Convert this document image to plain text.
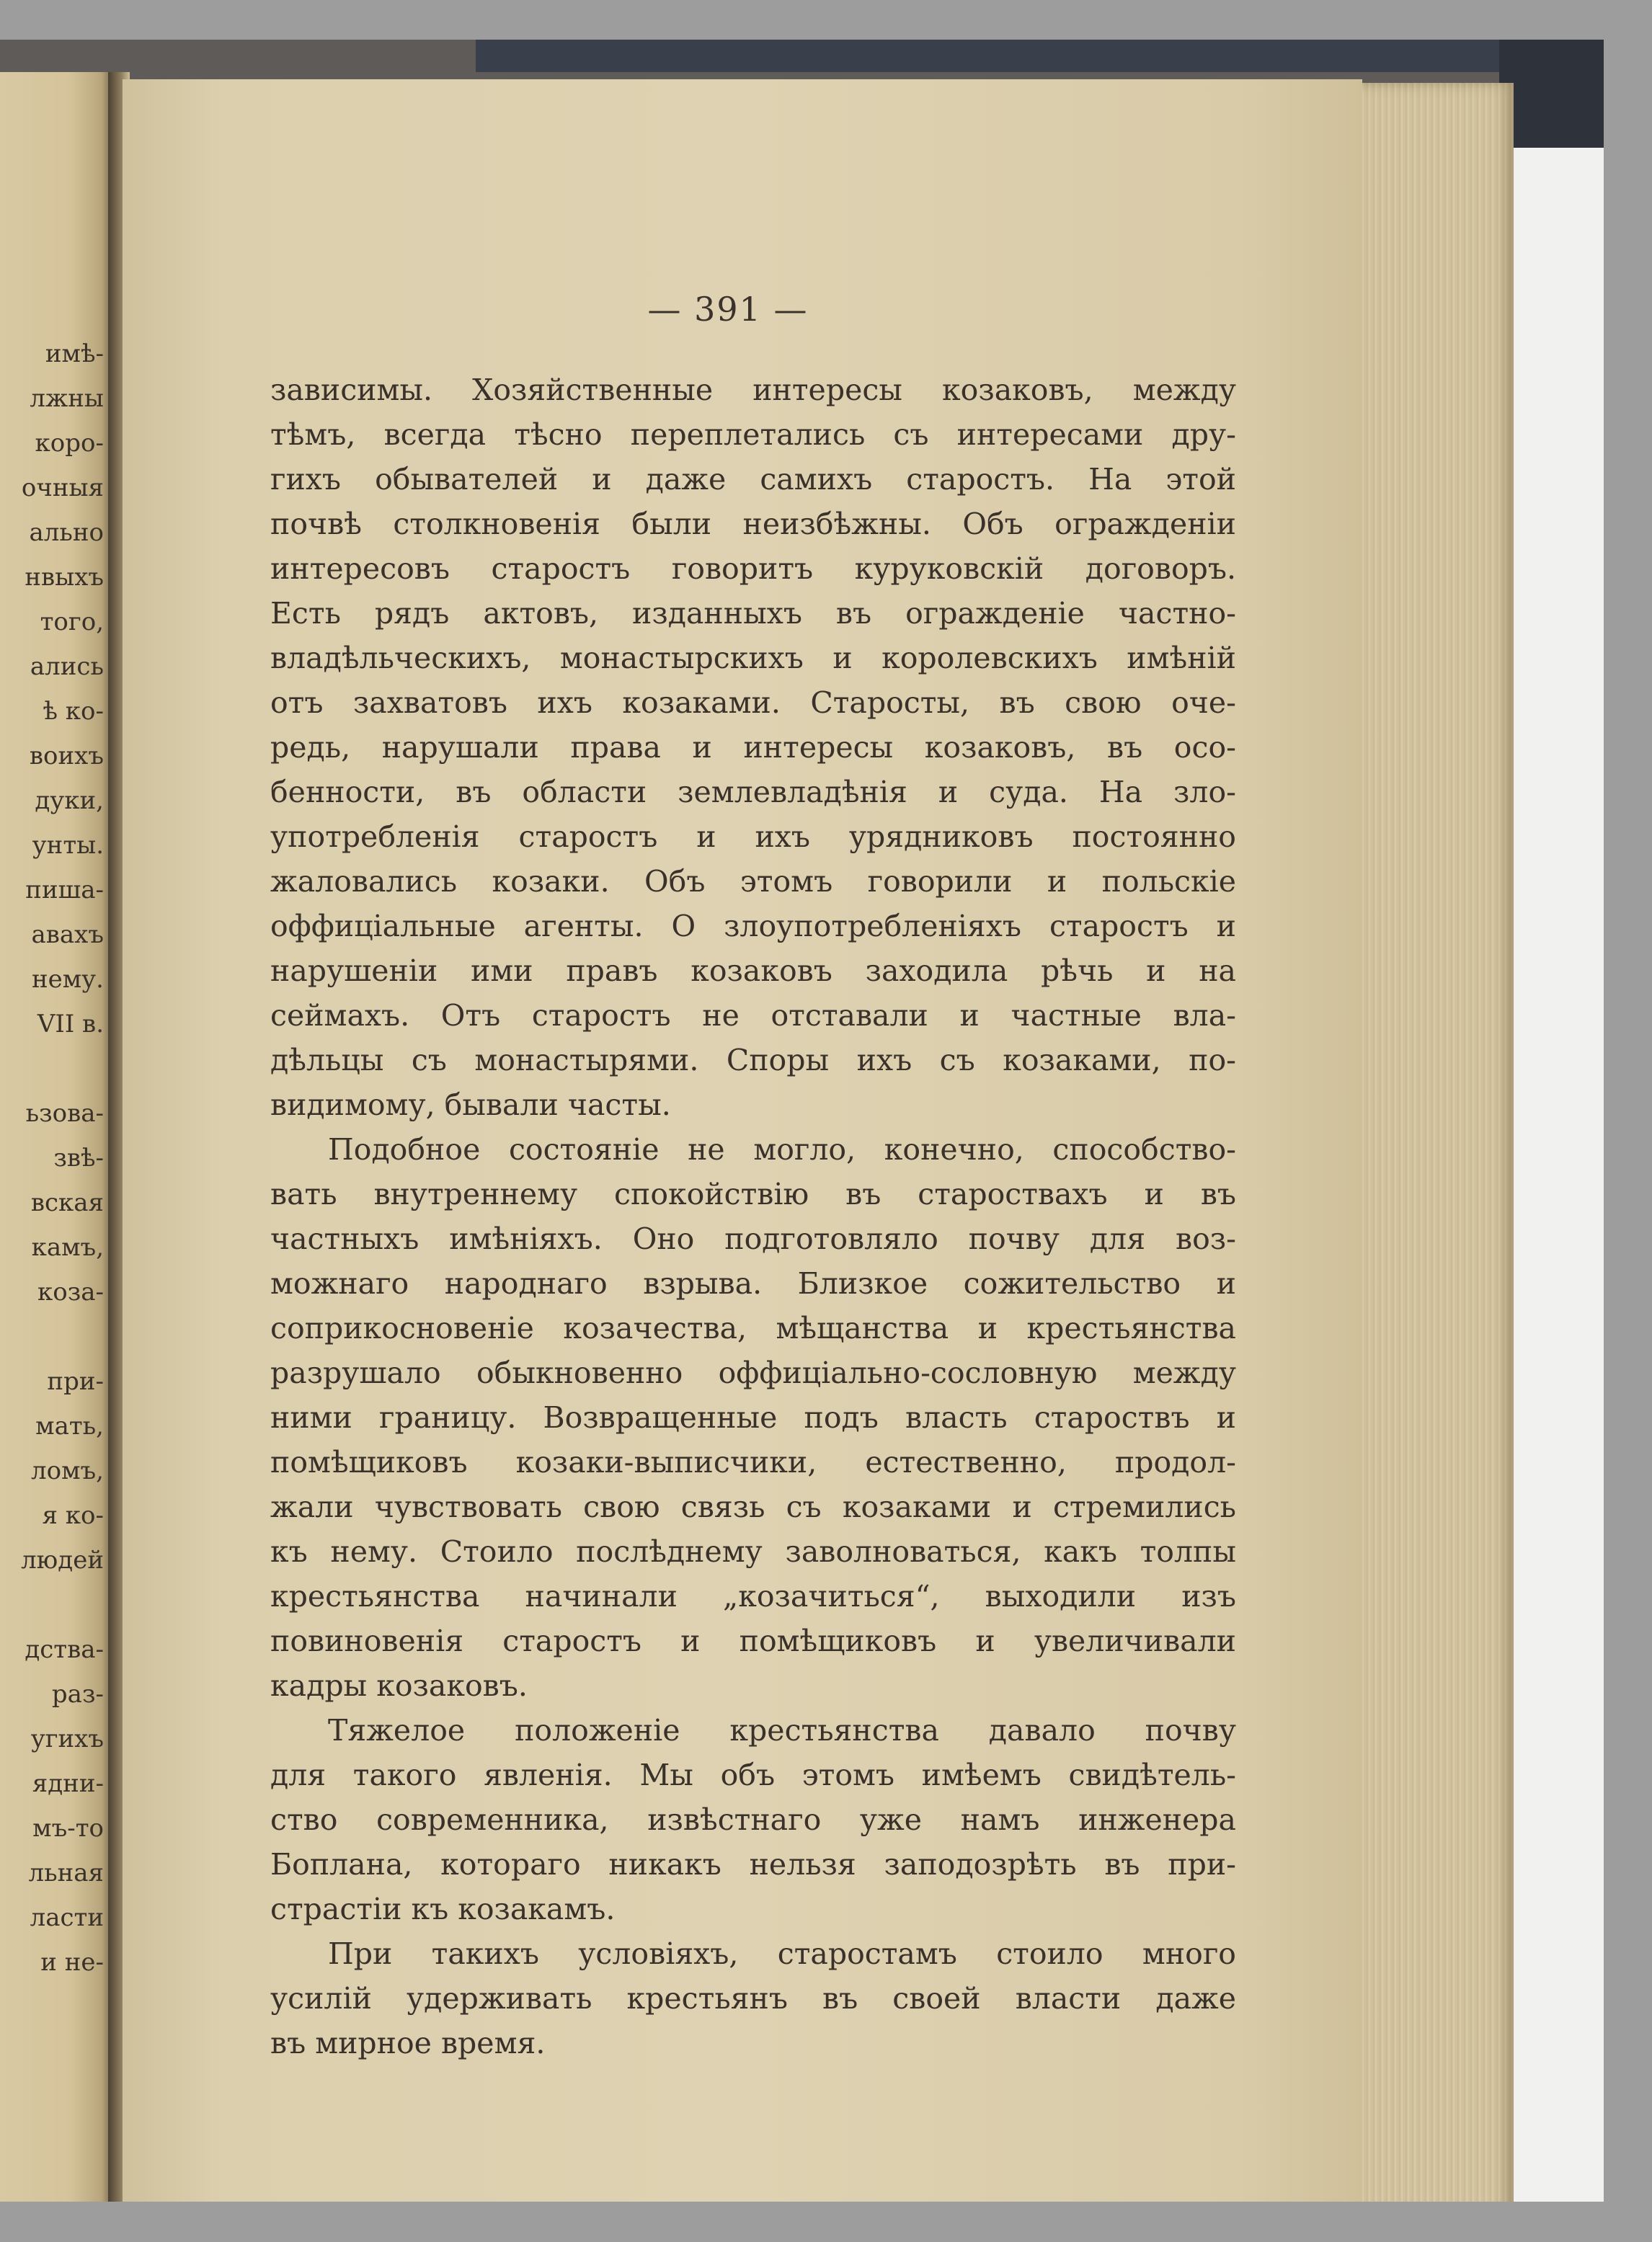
имѣ-
лжны
коро-
очныя
ально
нвыхъ
того,
ались
ѣ ко-
воихъ
дуки,
унты.
пиша-
авахъ
нему.
VII в.
ьзова-
звѣ-
вская
камъ,
коза-
при-
мать,
ломъ,
я ко-
людей
дства-
раз-
угихъ
ядни-
мъ-то
льная
ласти
и не-
— 391 —
зависимы. Хозяйственные интересы козаковъ, между
тѣмъ, всегда тѣсно переплетались съ интересами дру-
гихъ обывателей и даже самихъ старостъ. На этой
почвѣ столкновенія были неизбѣжны. Объ огражденіи
интересовъ старостъ говоритъ куруковскій договоръ.
Есть рядъ актовъ, изданныхъ въ огражденіе частно-
владѣльческихъ, монастырскихъ и королевскихъ имѣній
отъ захватовъ ихъ козаками. Старосты, въ свою оче-
редь, нарушали права и интересы козаковъ, въ осо-
бенности, въ области землевладѣнія и суда. На зло-
употребленія старостъ и ихъ урядниковъ постоянно
жаловались козаки. Объ этомъ говорили и польскіе
оффиціальные агенты. О злоупотребленіяхъ старостъ и
нарушеніи ими правъ козаковъ заходила рѣчь и на
сеймахъ. Отъ старостъ не отставали и частные вла-
дѣльцы съ монастырями. Споры ихъ съ козаками, по-
видимому, бывали часты.
Подобное состояніе не могло, конечно, способство-
вать внутреннему спокойствію въ староствахъ и въ
частныхъ имѣніяхъ. Оно подготовляло почву для воз-
можнаго народнаго взрыва. Близкое сожительство и
соприкосновеніе козачества, мѣщанства и крестьянства
разрушало обыкновенно оффиціально-сословную между
ними границу. Возвращенные подъ власть староствъ и
помѣщиковъ козаки-выписчики, естественно, продол-
жали чувствовать свою связь съ козаками и стремились
къ нему. Стоило послѣднему заволноваться, какъ толпы
крестьянства начинали „козачиться“, выходили изъ
повиновенія старостъ и помѣщиковъ и увеличивали
кадры козаковъ.
Тяжелое положеніе крестьянства давало почву
для такого явленія. Мы объ этомъ имѣемъ свидѣтель-
ство современника, извѣстнаго уже намъ инженера
Боплана, котораго никакъ нельзя заподозрѣть въ при-
страстіи къ козакамъ.
При такихъ условіяхъ, старостамъ стоило много
усилій удерживать крестьянъ въ своей власти даже
въ мирное время.
